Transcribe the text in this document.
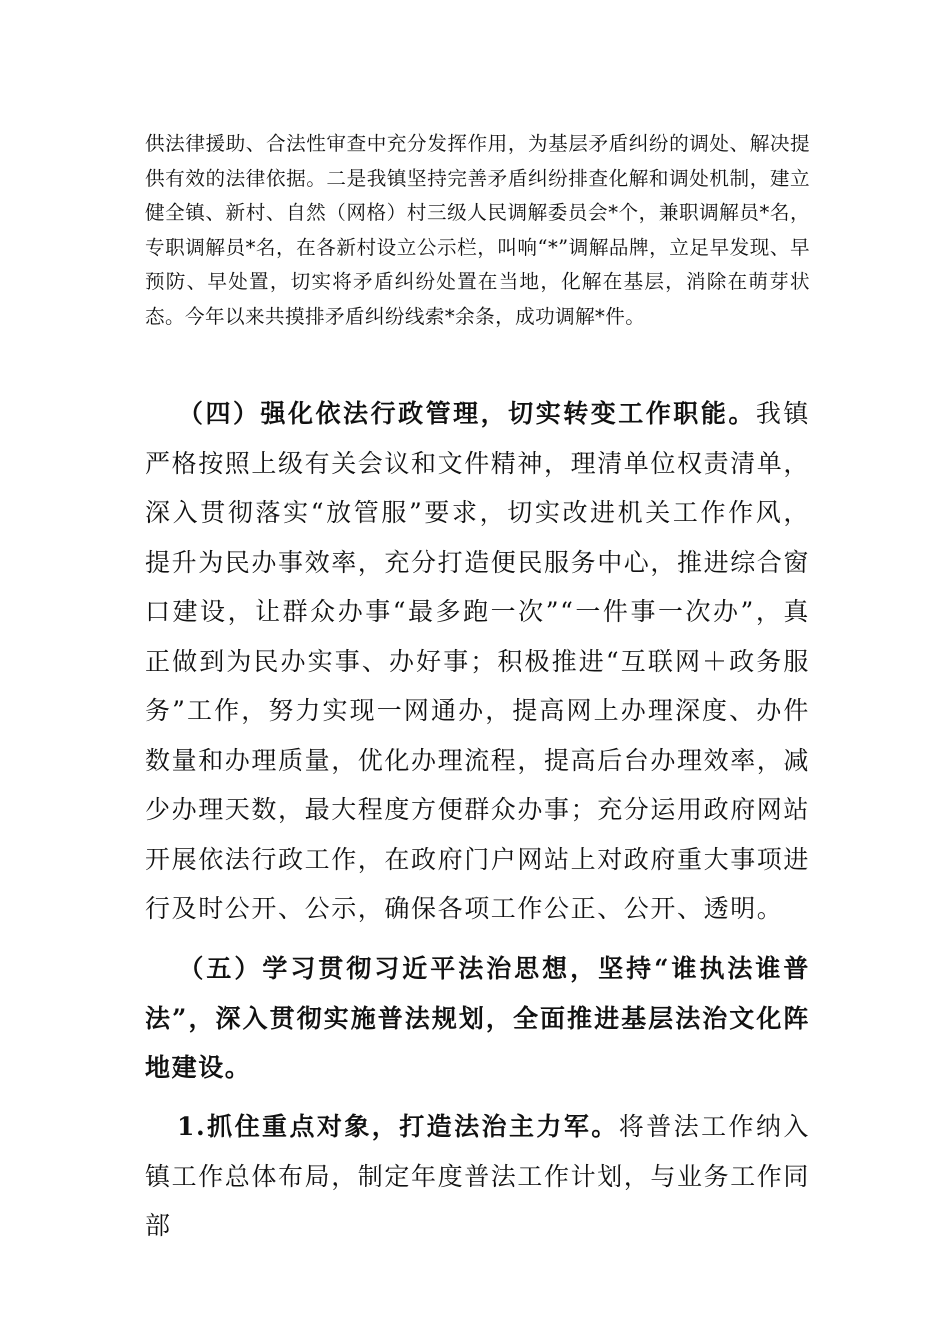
供法律援助、合法性审查中充分发挥作用，为基层矛盾纠纷的调处、解决提供有效的法律依据。二是我镇坚持完善矛盾纠纷排查化解和调处机制，建立健全镇、新村、自然（网格）村三级人民调解委员会*个，兼职调解员*名，专职调解员*名，在各新村设立公示栏，叫响“*”调解品牌，立足早发现、早预防、早处置，切实将矛盾纠纷处置在当地，化解在基层，消除在萌芽状态。今年以来共摸排矛盾纠纷线索*余条，成功调解*件。

（四）强化依法行政管理，切实转变工作职能。我镇严格按照上级有关会议和文件精神，理清单位权责清单，深入贯彻落实“放管服”要求，切实改进机关工作作风，提升为民办事效率，充分打造便民服务中心，推进综合窗口建设，让群众办事“最多跑一次”“一件事一次办”，真正做到为民办实事、办好事；积极推进“互联网＋政务服务”工作，努力实现一网通办，提高网上办理深度、办件数量和办理质量，优化办理流程，提高后台办理效率，减少办理天数，最大程度方便群众办事；充分运用政府网站开展依法行政工作，在政府门户网站上对政府重大事项进行及时公开、公示，确保各项工作公正、公开、透明。

（五）学习贯彻习近平法治思想，坚持“谁执法谁普法”，深入贯彻实施普法规划，全面推进基层法治文化阵地建设。

1.抓住重点对象，打造法治主力军。将普法工作纳入镇工作总体布局，制定年度普法工作计划，与业务工作同部
